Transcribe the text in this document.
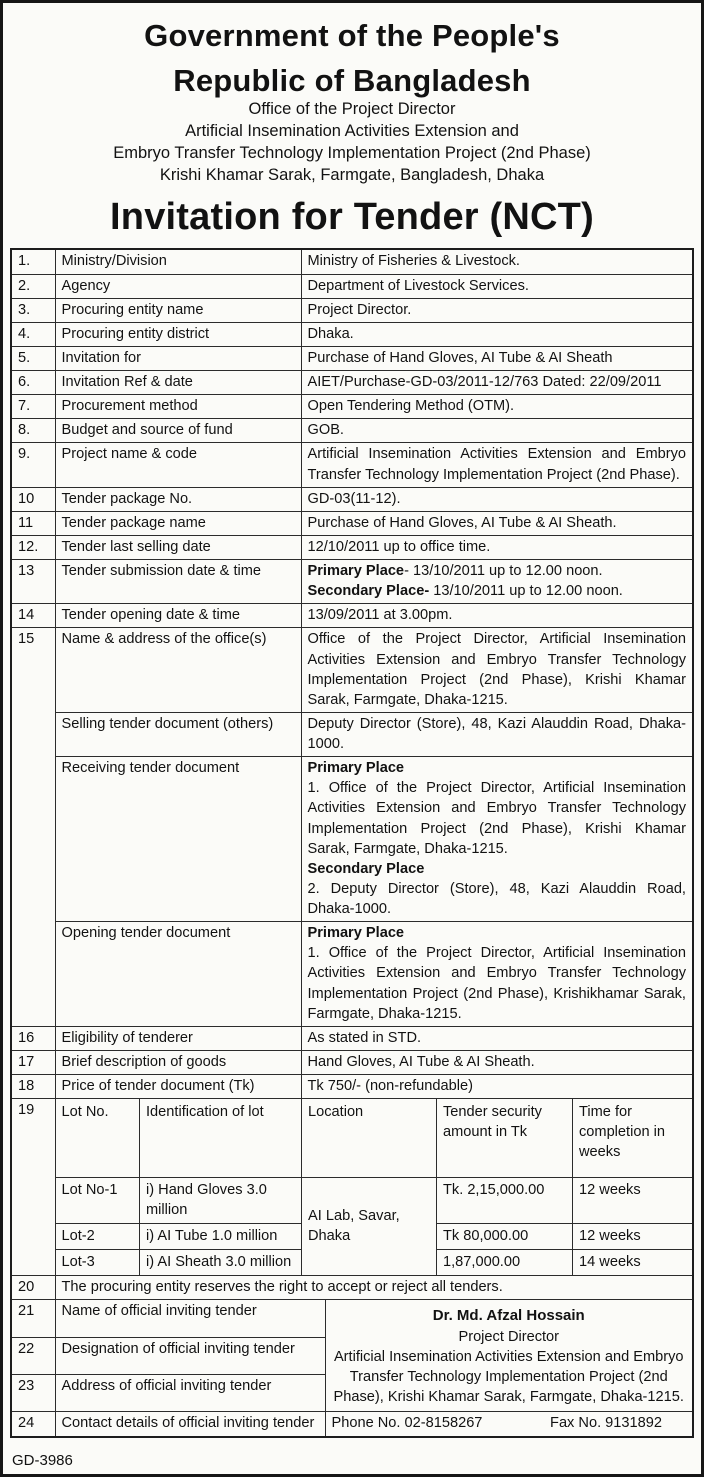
Government of the People's
Republic of Bangladesh
Office of the Project Director
Artificial Insemination Activities Extension and
Embryo Transfer Technology Implementation Project (2nd Phase)
Krishi Khamar Sarak, Farmgate, Bangladesh, Dhaka
Invitation for Tender (NCT)
1.	Ministry/Division	Ministry of Fisheries & Livestock.
2.	Agency	Department of Livestock Services.
3.	Procuring entity name	Project Director.
4.	Procuring entity district	Dhaka.
5.	Invitation for	Purchase of Hand Gloves, AI Tube & AI Sheath
6.	Invitation Ref & date	AIET/Purchase-GD-03/2011-12/763 Dated: 22/09/2011
7.	Procurement method	Open Tendering Method (OTM).
8.	Budget and source of fund	GOB.
9.	Project name & code	Artificial Insemination Activities Extension and Embryo Transfer Technology Implementation Project (2nd Phase).
10	Tender package No.	GD-03(11-12).
11	Tender package name	Purchase of Hand Gloves, AI Tube & AI Sheath.
12.	Tender last selling date	12/10/2011 up to office time.
13	Tender submission date & time	Primary Place- 13/10/2011 up to 12.00 noon.
Secondary Place- 13/10/2011 up to 12.00 noon.

14	Tender opening date & time	13/09/2011 at 3.00pm.
15	Name & address of the office(s)	Office of the Project Director, Artificial Insemination Activities Extension and Embryo Transfer Technology Implementation Project (2nd Phase), Krishi Khamar Sarak, Farmgate, Dhaka-1215.
Selling tender document (others)	Deputy Director (Store), 48, Kazi Alauddin Road, Dhaka-1000.
Receiving tender document	Primary Place
1. Office of the Project Director, Artificial Insemination Activities Extension and Embryo Transfer Technology Implementation Project (2nd Phase), Krishi Khamar Sarak, Farmgate, Dhaka-1215.
Secondary Place
2. Deputy Director (Store), 48, Kazi Alauddin Road, Dhaka-1000.

Opening tender document	Primary Place
1. Office of the Project Director, Artificial Insemination Activities Extension and Embryo Transfer Technology Implementation Project (2nd Phase), Krishikhamar Sarak, Farmgate, Dhaka-1215.

16	Eligibility of tenderer	As stated in STD.
17	Brief description of goods	Hand Gloves, AI Tube & AI Sheath.
18	Price of tender document (Tk)	Tk 750/- (non-refundable)
19	Lot No.	Identification of lot	Location	Tender security amount in Tk	Time for completion in weeks
Lot No-1	i) Hand Gloves 3.0 million	AI Lab, Savar, Dhaka	Tk. 2,15,000.00	12 weeks
Lot-2	i) AI Tube 1.0 million	Tk 80,000.00	12 weeks
Lot-3	i) AI Sheath 3.0 million	1,87,000.00	14 weeks

20	The procuring entity reserves the right to accept or reject all tenders.
21	Name of official inviting tender	Dr. Md. Afzal Hossain
Project Director
Artificial Insemination Activities Extension and Embryo Transfer Technology Implementation Project (2nd Phase), Krishi Khamar Sarak, Farmgate, Dhaka-1215.

22	Designation of official inviting tender
23	Address of official inviting tender
24	Contact details of official inviting tender	Phone No. 02-8158267	Fax No. 9131892
GD-3986
